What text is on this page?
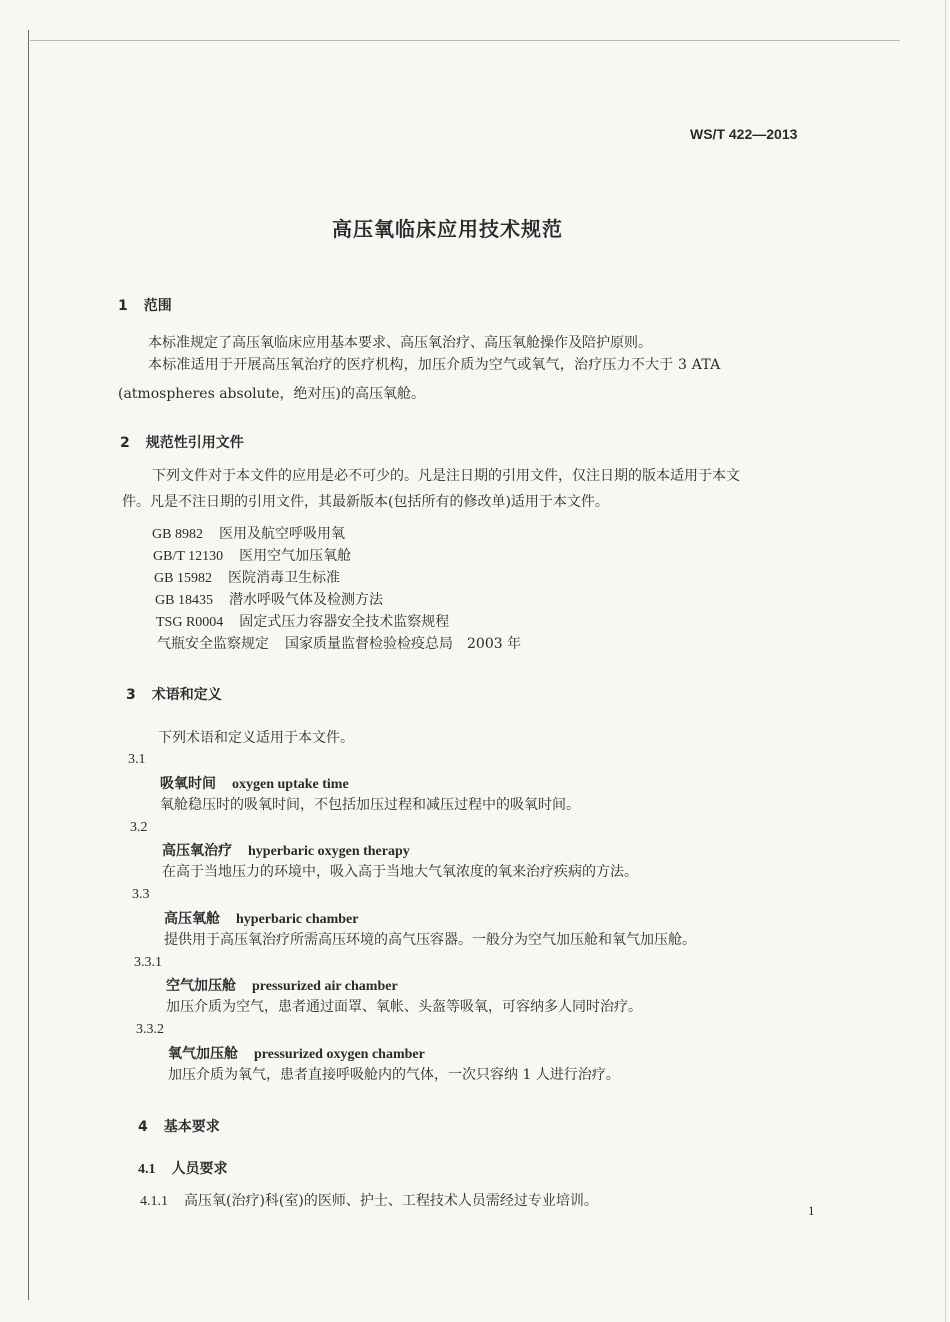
WS/T 422—2013
高压氧临床应用技术规范
1 范围
本标准规定了高压氧临床应用基本要求、高压氧治疗、高压氧舱操作及陪护原则。
本标准适用于开展高压氧治疗的医疗机构，加压介质为空气或氧气，治疗压力不大于 3 ATA
(atmospheres absolute，绝对压)的高压氧舱。
2 规范性引用文件
下列文件对于本文件的应用是必不可少的。凡是注日期的引用文件，仅注日期的版本适用于本文
件。凡是不注日期的引用文件，其最新版本(包括所有的修改单)适用于本文件。
GB 8982 医用及航空呼吸用氧
GB/T 12130 医用空气加压氧舱
GB 15982 医院消毒卫生标准
GB 18435 潜水呼吸气体及检测方法
TSG R0004 固定式压力容器安全技术监察规程
气瓶安全监察规定 国家质量监督检验检疫总局　2003 年
3 术语和定义
下列术语和定义适用于本文件。
3.1
吸氧时间 oxygen uptake time
氧舱稳压时的吸氧时间，不包括加压过程和减压过程中的吸氧时间。
3.2
高压氧治疗 hyperbaric oxygen therapy
在高于当地压力的环境中，吸入高于当地大气氧浓度的氧来治疗疾病的方法。
3.3
高压氧舱 hyperbaric chamber
提供用于高压氧治疗所需高压环境的高气压容器。一般分为空气加压舱和氧气加压舱。
3.3.1
空气加压舱 pressurized air chamber
加压介质为空气，患者通过面罩、氧帐、头盔等吸氧，可容纳多人同时治疗。
3.3.2
氧气加压舱 pressurized oxygen chamber
加压介质为氧气，患者直接呼吸舱内的气体，一次只容纳 1 人进行治疗。
4 基本要求
4.1 人员要求
4.1.1 高压氧(治疗)科(室)的医师、护士、工程技术人员需经过专业培训。
1
